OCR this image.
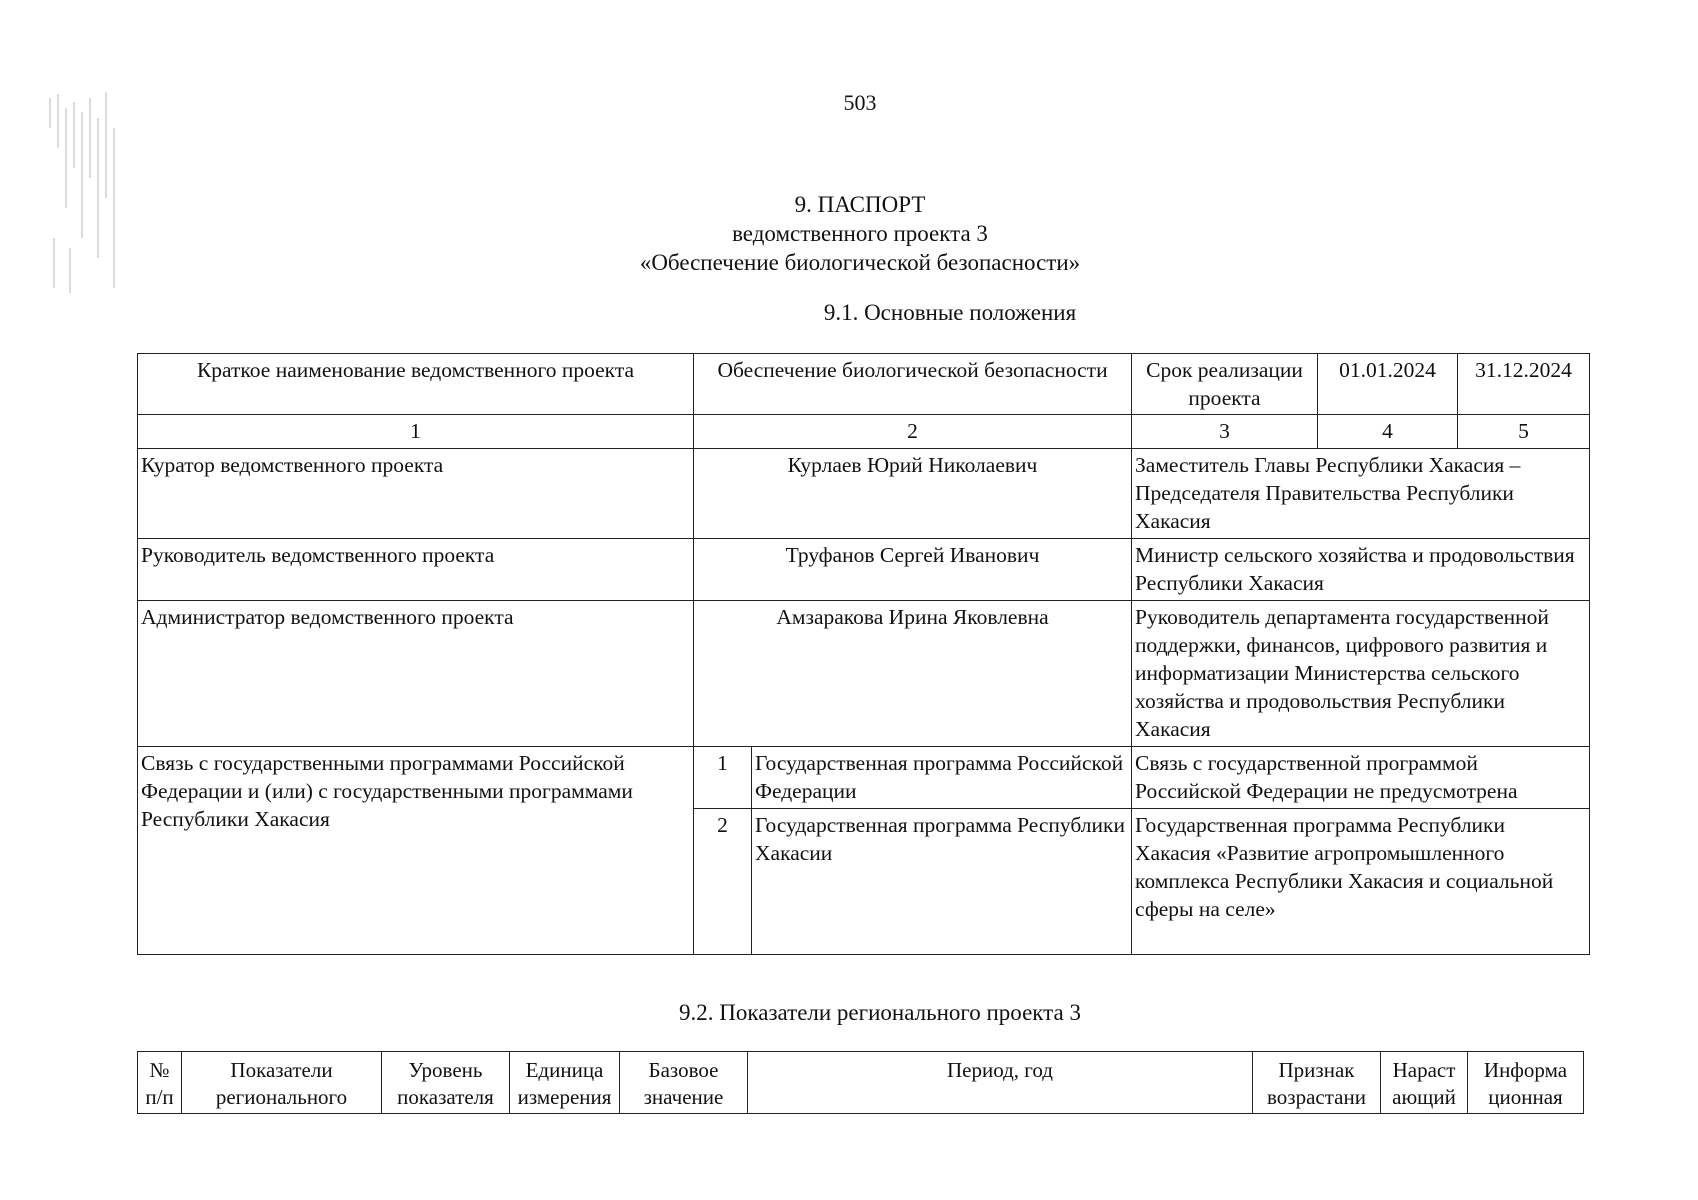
503
9. ПАСПОРТ
ведомственного проекта 3
«Обеспечение биологической безопасности»
9.1. Основные положения
Краткое наименование ведомственного проекта	Обеспечение биологической безопасности		Срок реализации проекта	01.01.2024	31.12.2024
1	2		3	4	5
Куратор ведомственного проекта	Курлаев Юрий Николаевич		Заместитель Главы Республики Хакасия – Председателя Правительства Республики Хакасия		
Руководитель ведомственного проекта	Труфанов Сергей Иванович		Министр сельского хозяйства и продовольствия Республики Хакасия		
Администратор ведомственного проекта	Амзаракова Ирина Яковлевна		Руководитель департамента государственной поддержки, финансов, цифрового развития и информатизации Министерства сельского хозяйства и продовольствия Республики Хакасия		
Связь с государственными программами Российской Федерации и (или) с государственными программами Республики Хакасия	1	Государственная программа Российской Федерации	Связь с государственной программой Российской Федерации не предусмотрена		
	2	Государственная программа Республики Хакасии	Государственная программа Республики Хакасия «Развитие агропромышленного комплекса Республики Хакасия и социальной сферы на селе»		
9.2. Показатели регионального проекта 3
№ п/п	Показатели регионального	Уровень показателя	Единица измерения	Базовое значение	Период, год	Признак возрастани	Нараст ающий	Информа ционная
